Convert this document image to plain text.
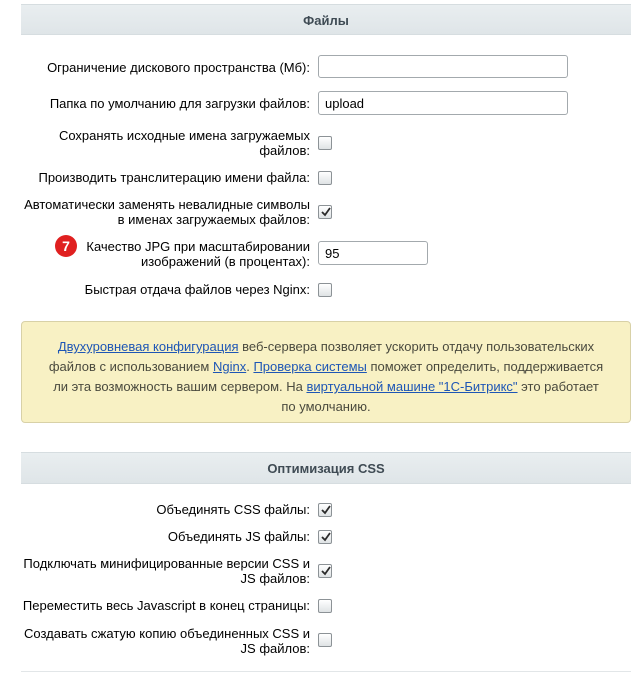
Файлы
Ограничение дискового пространства (Мб):
Папка по умолчанию для загрузки файлов:
upload
Сохранять исходные имена загружаемых
файлов:
Производить транслитерацию имени файла:
Автоматически заменять невалидные символы
в именах загружаемых файлов:
7	Качество JPG при масштабировании
изображений (в процентах):
95
Быстрая отдача файлов через Nginx:
Двухуровневая конфигурация веб-сервера позволяет ускорить отдачу пользовательских файлов с использованием Nginx. Проверка системы поможет определить, поддерживается ли эта возможность вашим сервером. На виртуальной машине "1С-Битрикс" это работает по умолчанию.
Оптимизация CSS
Объединять CSS файлы:
Объединять JS файлы:
Подключать минифицированные версии CSS и
JS файлов:
Переместить весь Javascript в конец страницы:
Создавать сжатую копию объединенных CSS и
JS файлов:
